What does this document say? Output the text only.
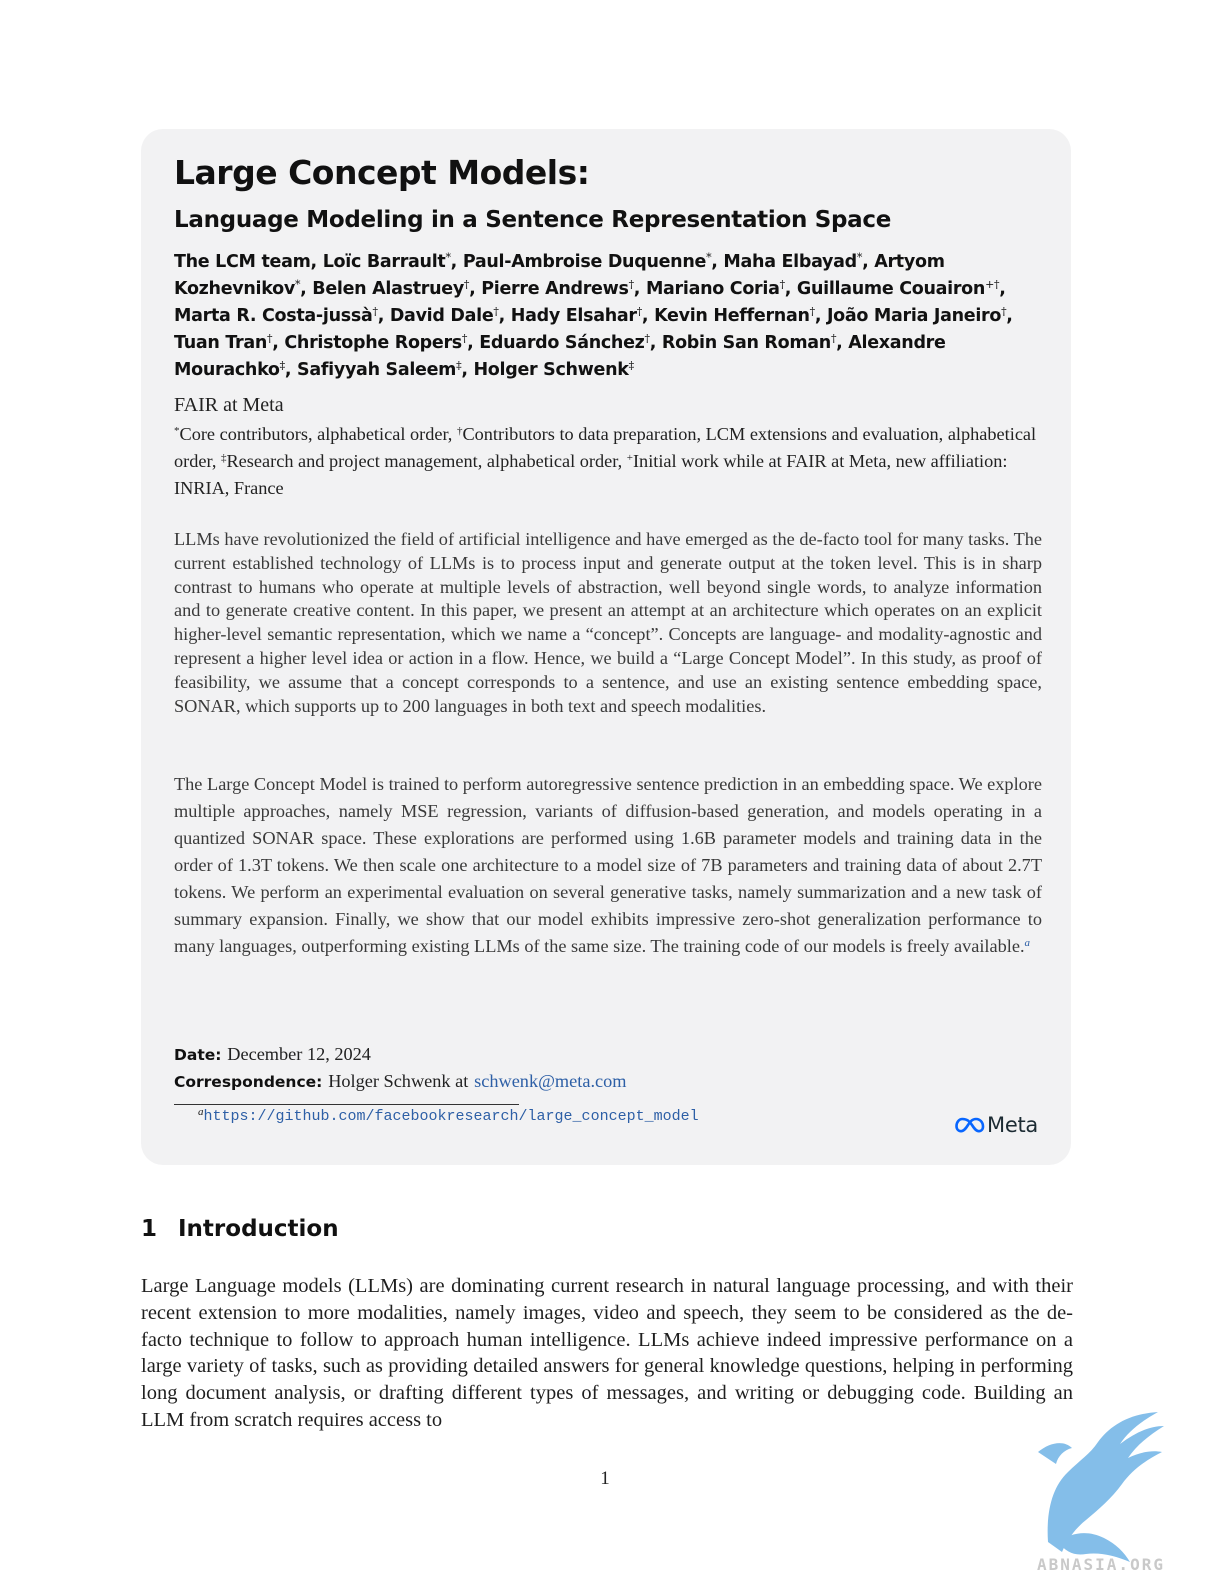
Large Concept Models:
Language Modeling in a Sentence Representation Space

The LCM team, Loïc Barrault*, Paul-Ambroise Duquenne*, Maha Elbayad*, Artyom Kozhevnikov*, Belen Alastruey†, Pierre Andrews†, Mariano Coria†, Guillaume Couairon+†, Marta R. Costa-jussà†, David Dale†, Hady Elsahar†, Kevin Heffernan†, João Maria Janeiro†, Tuan Tran†, Christophe Ropers†, Eduardo Sánchez†, Robin San Roman†, Alexandre Mourachko‡, Safiyyah Saleem‡, Holger Schwenk‡

FAIR at Meta

*Core contributors, alphabetical order, †Contributors to data preparation, LCM extensions and evaluation, alphabetical order, ‡Research and project management, alphabetical order, +Initial work while at FAIR at Meta, new affiliation: INRIA, France

LLMs have revolutionized the field of artificial intelligence and have emerged as the de-facto tool for many tasks. The current established technology of LLMs is to process input and generate output at the token level. This is in sharp contrast to humans who operate at multiple levels of abstraction, well beyond single words, to analyze information and to generate creative content. In this paper, we present an attempt at an architecture which operates on an explicit higher-level semantic representation, which we name a “concept”. Concepts are language- and modality-agnostic and represent a higher level idea or action in a flow. Hence, we build a “Large Concept Model”. In this study, as proof of feasibility, we assume that a concept corresponds to a sentence, and use an existing sentence embedding space, SONAR, which supports up to 200 languages in both text and speech modalities.

The Large Concept Model is trained to perform autoregressive sentence prediction in an embedding space. We explore multiple approaches, namely MSE regression, variants of diffusion-based generation, and models operating in a quantized SONAR space. These explorations are performed using 1.6B parameter models and training data in the order of 1.3T tokens. We then scale one architecture to a model size of 7B parameters and training data of about 2.7T tokens. We perform an experimental evaluation on several generative tasks, namely summarization and a new task of summary expansion. Finally, we show that our model exhibits impressive zero-shot generalization performance to many languages, outperforming existing LLMs of the same size. The training code of our models is freely available.$^a$

Date: December 12, 2024

Correspondence: Holger Schwenk at schwenk@meta.com

$^a$https://github.com/facebookresearch/large_concept_model	Meta
1 Introduction

Large Language models (LLMs) are dominating current research in natural language processing, and with their recent extension to more modalities, namely images, video and speech, they seem to be considered as the de-facto technique to follow to approach human intelligence. LLMs achieve indeed impressive performance on a large variety of tasks, such as providing detailed answers for general knowledge questions, helping in performing long document analysis, or drafting different types of messages, and writing or debugging code. Building an LLM from scratch requires access to

1

ABNASIA.ORG
